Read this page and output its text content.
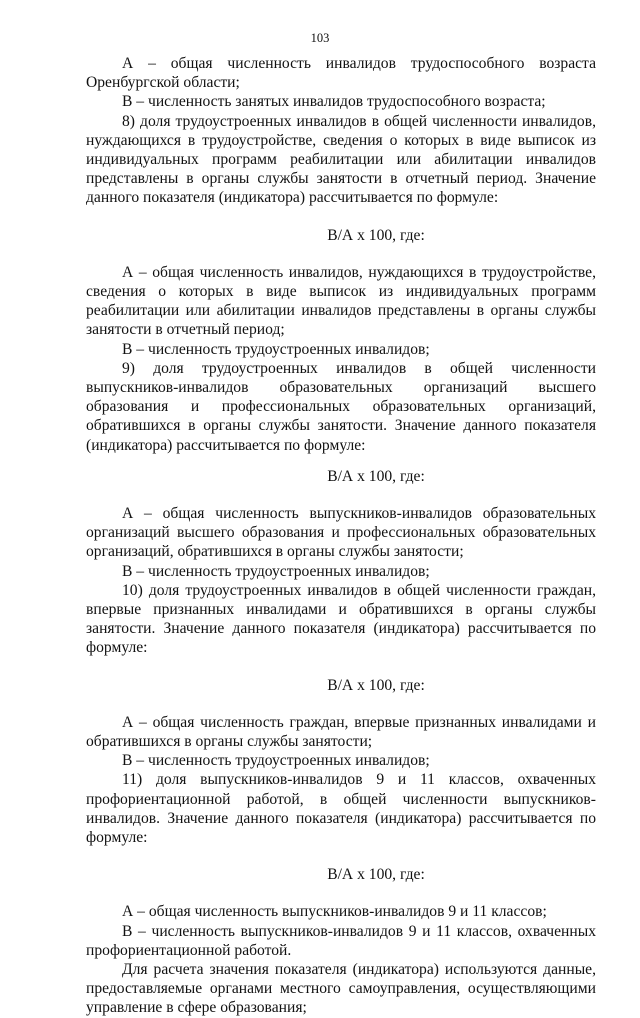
103

А – общая численность инвалидов трудоспособного возраста Оренбургской области;

В – численность занятых инвалидов трудоспособного возраста;

8) доля трудоустроенных инвалидов в общей численности инвалидов, нуждающихся в трудоустройстве, сведения о которых в виде выписок из индивидуальных программ реабилитации или абилитации инвалидов представлены в органы службы занятости в отчетный период. Значение данного показателя (индикатора) рассчитывается по формуле:

В/А х 100, где:

А – общая численность инвалидов, нуждающихся в трудоустройстве, сведения о которых в виде выписок из индивидуальных программ реабилитации или абилитации инвалидов представлены в органы службы занятости в отчетный период;

В – численность трудоустроенных инвалидов;

9) доля трудоустроенных инвалидов в общей численности выпускников-инвалидов образовательных организаций высшего образования и профессиональных образовательных организаций, обратившихся в органы службы занятости. Значение данного показателя (индикатора) рассчитывается по формуле:

В/А х 100, где:

А – общая численность выпускников-инвалидов образовательных организаций высшего образования и профессиональных образовательных организаций, обратившихся в органы службы занятости;

В – численность трудоустроенных инвалидов;

10) доля трудоустроенных инвалидов в общей численности граждан, впервые признанных инвалидами и обратившихся в органы службы занятости. Значение данного показателя (индикатора) рассчитывается по формуле:

В/А х 100, где:

А – общая численность граждан, впервые признанных инвалидами и обратившихся в органы службы занятости;

В – численность трудоустроенных инвалидов;

11) доля выпускников-инвалидов 9 и 11 классов, охваченных профориентационной работой, в общей численности выпускников-инвалидов. Значение данного показателя (индикатора) рассчитывается по формуле:

В/А х 100, где:

А – общая численность выпускников-инвалидов 9 и 11 классов;

В – численность выпускников-инвалидов 9 и 11 классов, охваченных профориентационной работой.

Для расчета значения показателя (индикатора) используются данные, предоставляемые органами местного самоуправления, осуществляющими управление в сфере образования;
